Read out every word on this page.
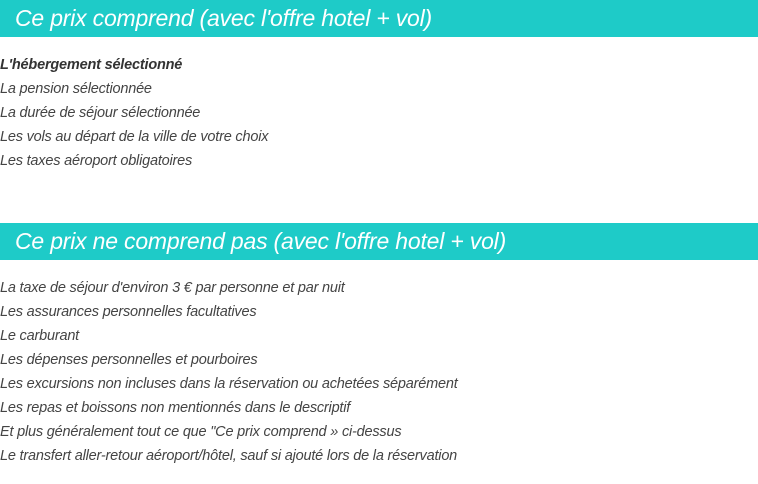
Ce prix comprend (avec l'offre hotel + vol)
L'hébergement sélectionné
La pension sélectionnée
La durée de séjour sélectionnée
Les vols au départ de la ville de votre choix
Les taxes aéroport obligatoires
Ce prix ne comprend pas (avec l'offre hotel + vol)
La taxe de séjour d'environ 3 € par personne et par nuit
Les assurances personnelles facultatives
Le carburant
Les dépenses personnelles et pourboires
Les excursions non incluses dans la réservation ou achetées séparément
Les repas et boissons non mentionnés dans le descriptif
Et plus généralement tout ce que "Ce prix comprend » ci-dessus
Le transfert aller-retour aéroport/hôtel, sauf si ajouté lors de la réservation
